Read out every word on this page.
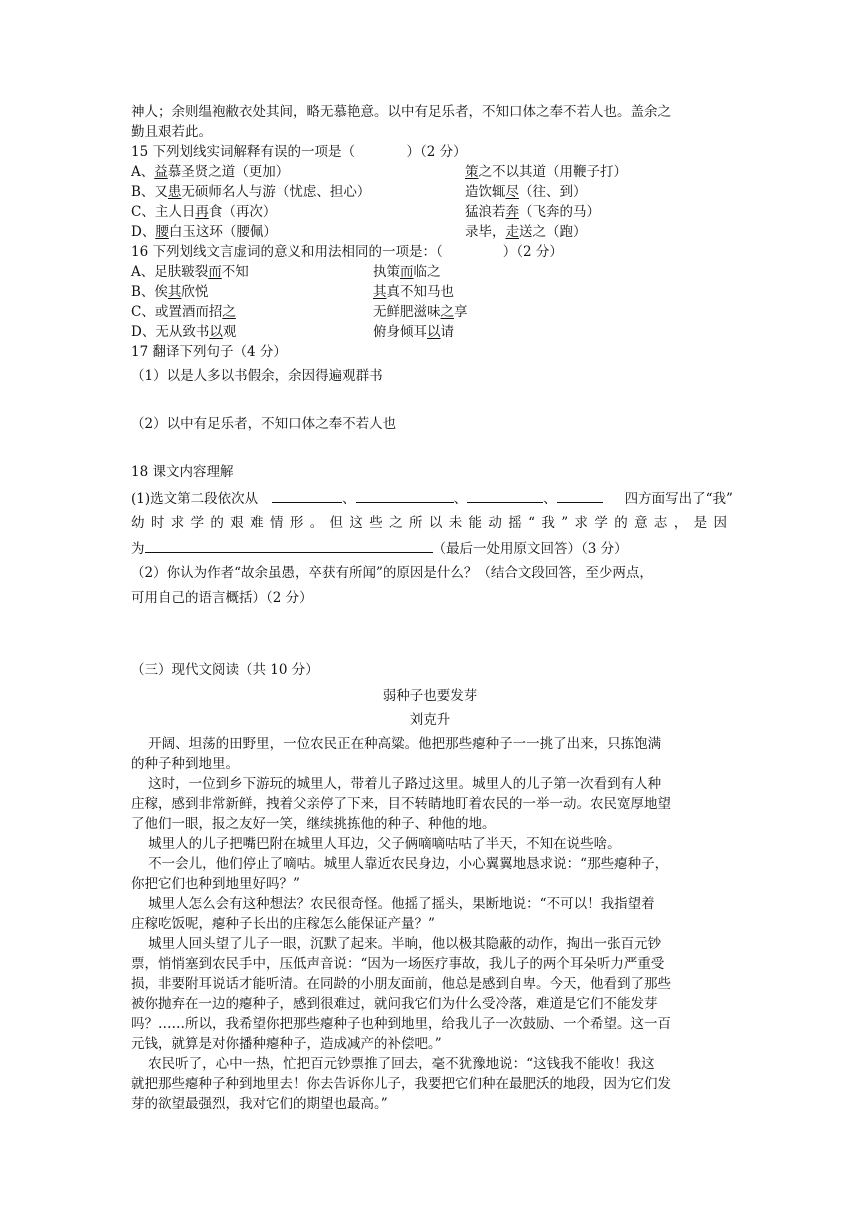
神人；余则缊袍敝衣处其间，略无慕艳意。以中有足乐者，不知口体之奉不若人也。盖余之
勤且艰若此。
15 下列划线实词解释有误的一项是（            ）（2 分）
A、益慕圣贤之道（更加）	策之不以其道（用鞭子打）
B、又患无硕师名人与游（忧虑、担心）	造饮辄尽（往、到）
C、主人日再食（再次）	猛浪若奔（飞奔的马）
D、腰白玉这环（腰佩）	录毕，走送之（跑）
16 下列划线文言虚词的意义和用法相同的一项是：（              ）（2 分）
A、足肤皲裂而不知	执策而临之
B、俟其欣悦	其真不知马也
C、或置酒而招之	无鲜肥滋味之享
D、无从致书以观	俯身倾耳以请
17 翻译下列句子（4 分）
（1）以是人多以书假余，余因得遍观群书
（2）以中有足乐者，不知口体之奉不若人也
18 课文内容理解
(1)选文第二段依次从	、	、	、	四方面写出了“我”
幼时求学的艰难情形。但这些之所以未能动摇“我”求学的意志，是因
为	（最后一处用原文回答）（3 分）
（2）你认为作者“故余虽愚，卒获有所闻”的原因是什么？（结合文段回答，至少两点，
可用自己的语言概括）（2 分）
（三）现代文阅读（共 10 分）
弱种子也要发芽
刘克升
开阔、坦荡的田野里，一位农民正在种高粱。他把那些瘪种子一一挑了出来，只拣饱满
的种子种到地里。
这时，一位到乡下游玩的城里人，带着儿子路过这里。城里人的儿子第一次看到有人种
庄稼，感到非常新鲜，拽着父亲停了下来，目不转睛地盯着农民的一举一动。农民宽厚地望
了他们一眼，报之友好一笑，继续挑拣他的种子、种他的地。
城里人的儿子把嘴巴附在城里人耳边，父子俩嘀嘀咕咕了半天，不知在说些啥。
不一会儿，他们停止了嘀咕。城里人靠近农民身边，小心翼翼地恳求说：“那些瘪种子，
你把它们也种到地里好吗？”
城里人怎么会有这种想法？农民很奇怪。他摇了摇头，果断地说：“不可以！我指望着
庄稼吃饭呢，瘪种子长出的庄稼怎么能保证产量？”
城里人回头望了儿子一眼，沉默了起来。半晌，他以极其隐蔽的动作，掏出一张百元钞
票，悄悄塞到农民手中，压低声音说：“因为一场医疗事故，我儿子的两个耳朵听力严重受
损，非要附耳说话才能听清。在同龄的小朋友面前，他总是感到自卑。今天，他看到了那些
被你抛弃在一边的瘪种子，感到很难过，就问我它们为什么受冷落，难道是它们不能发芽
吗？……所以，我希望你把那些瘪种子也种到地里，给我儿子一次鼓励、一个希望。这一百
元钱，就算是对你播种瘪种子，造成减产的补偿吧。”
农民听了，心中一热，忙把百元钞票推了回去，毫不犹豫地说：“这钱我不能收！我这
就把那些瘪种子种到地里去！你去告诉你儿子，我要把它们种在最肥沃的地段，因为它们发
芽的欲望最强烈，我对它们的期望也最高。”
